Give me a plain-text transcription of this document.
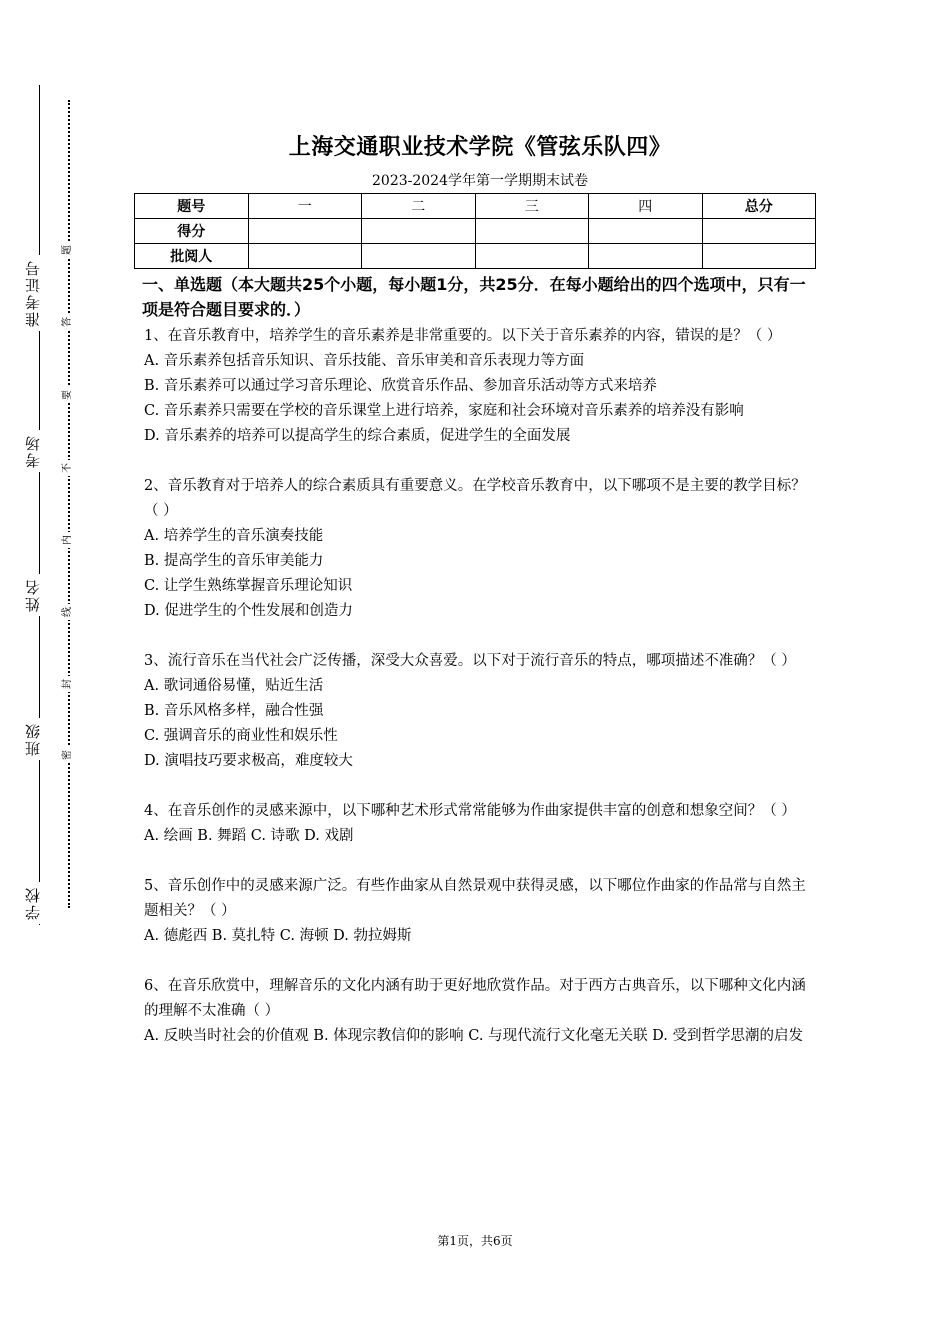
准考证号
考场
姓名
班级
学校
题
答
要
不
内
线
封
密
上海交通职业技术学院《管弦乐队四》
2023-2024学年第一学期期末试卷
题号	一	二	三	四	总分
得分					
批阅人					
一、单选题（本大题共25个小题，每小题1分，共25分．在每小题给出的四个选项中，只有一项是符合题目要求的．）
1、在音乐教育中，培养学生的音乐素养是非常重要的。以下关于音乐素养的内容，错误的是？（ ）
A. 音乐素养包括音乐知识、音乐技能、音乐审美和音乐表现力等方面
B. 音乐素养可以通过学习音乐理论、欣赏音乐作品、参加音乐活动等方式来培养
C. 音乐素养只需要在学校的音乐课堂上进行培养，家庭和社会环境对音乐素养的培养没有影响
D. 音乐素养的培养可以提高学生的综合素质，促进学生的全面发展
2、音乐教育对于培养人的综合素质具有重要意义。在学校音乐教育中，以下哪项不是主要的教学目标？（ ）
A. 培养学生的音乐演奏技能
B. 提高学生的音乐审美能力
C. 让学生熟练掌握音乐理论知识
D. 促进学生的个性发展和创造力
3、流行音乐在当代社会广泛传播，深受大众喜爱。以下对于流行音乐的特点，哪项描述不准确？（ ）
A. 歌词通俗易懂，贴近生活
B. 音乐风格多样，融合性强
C. 强调音乐的商业性和娱乐性
D. 演唱技巧要求极高，难度较大
4、在音乐创作的灵感来源中，以下哪种艺术形式常常能够为作曲家提供丰富的创意和想象空间？（ ）
A. 绘画 B. 舞蹈 C. 诗歌 D. 戏剧
5、音乐创作中的灵感来源广泛。有些作曲家从自然景观中获得灵感，以下哪位作曲家的作品常与自然主题相关？（ ）
A. 德彪西 B. 莫扎特 C. 海顿 D. 勃拉姆斯
6、在音乐欣赏中，理解音乐的文化内涵有助于更好地欣赏作品。对于西方古典音乐，以下哪种文化内涵的理解不太准确（ ）
A. 反映当时社会的价值观 B. 体现宗教信仰的影响 C. 与现代流行文化毫无关联 D. 受到哲学思潮的启发
第1页，共6页
